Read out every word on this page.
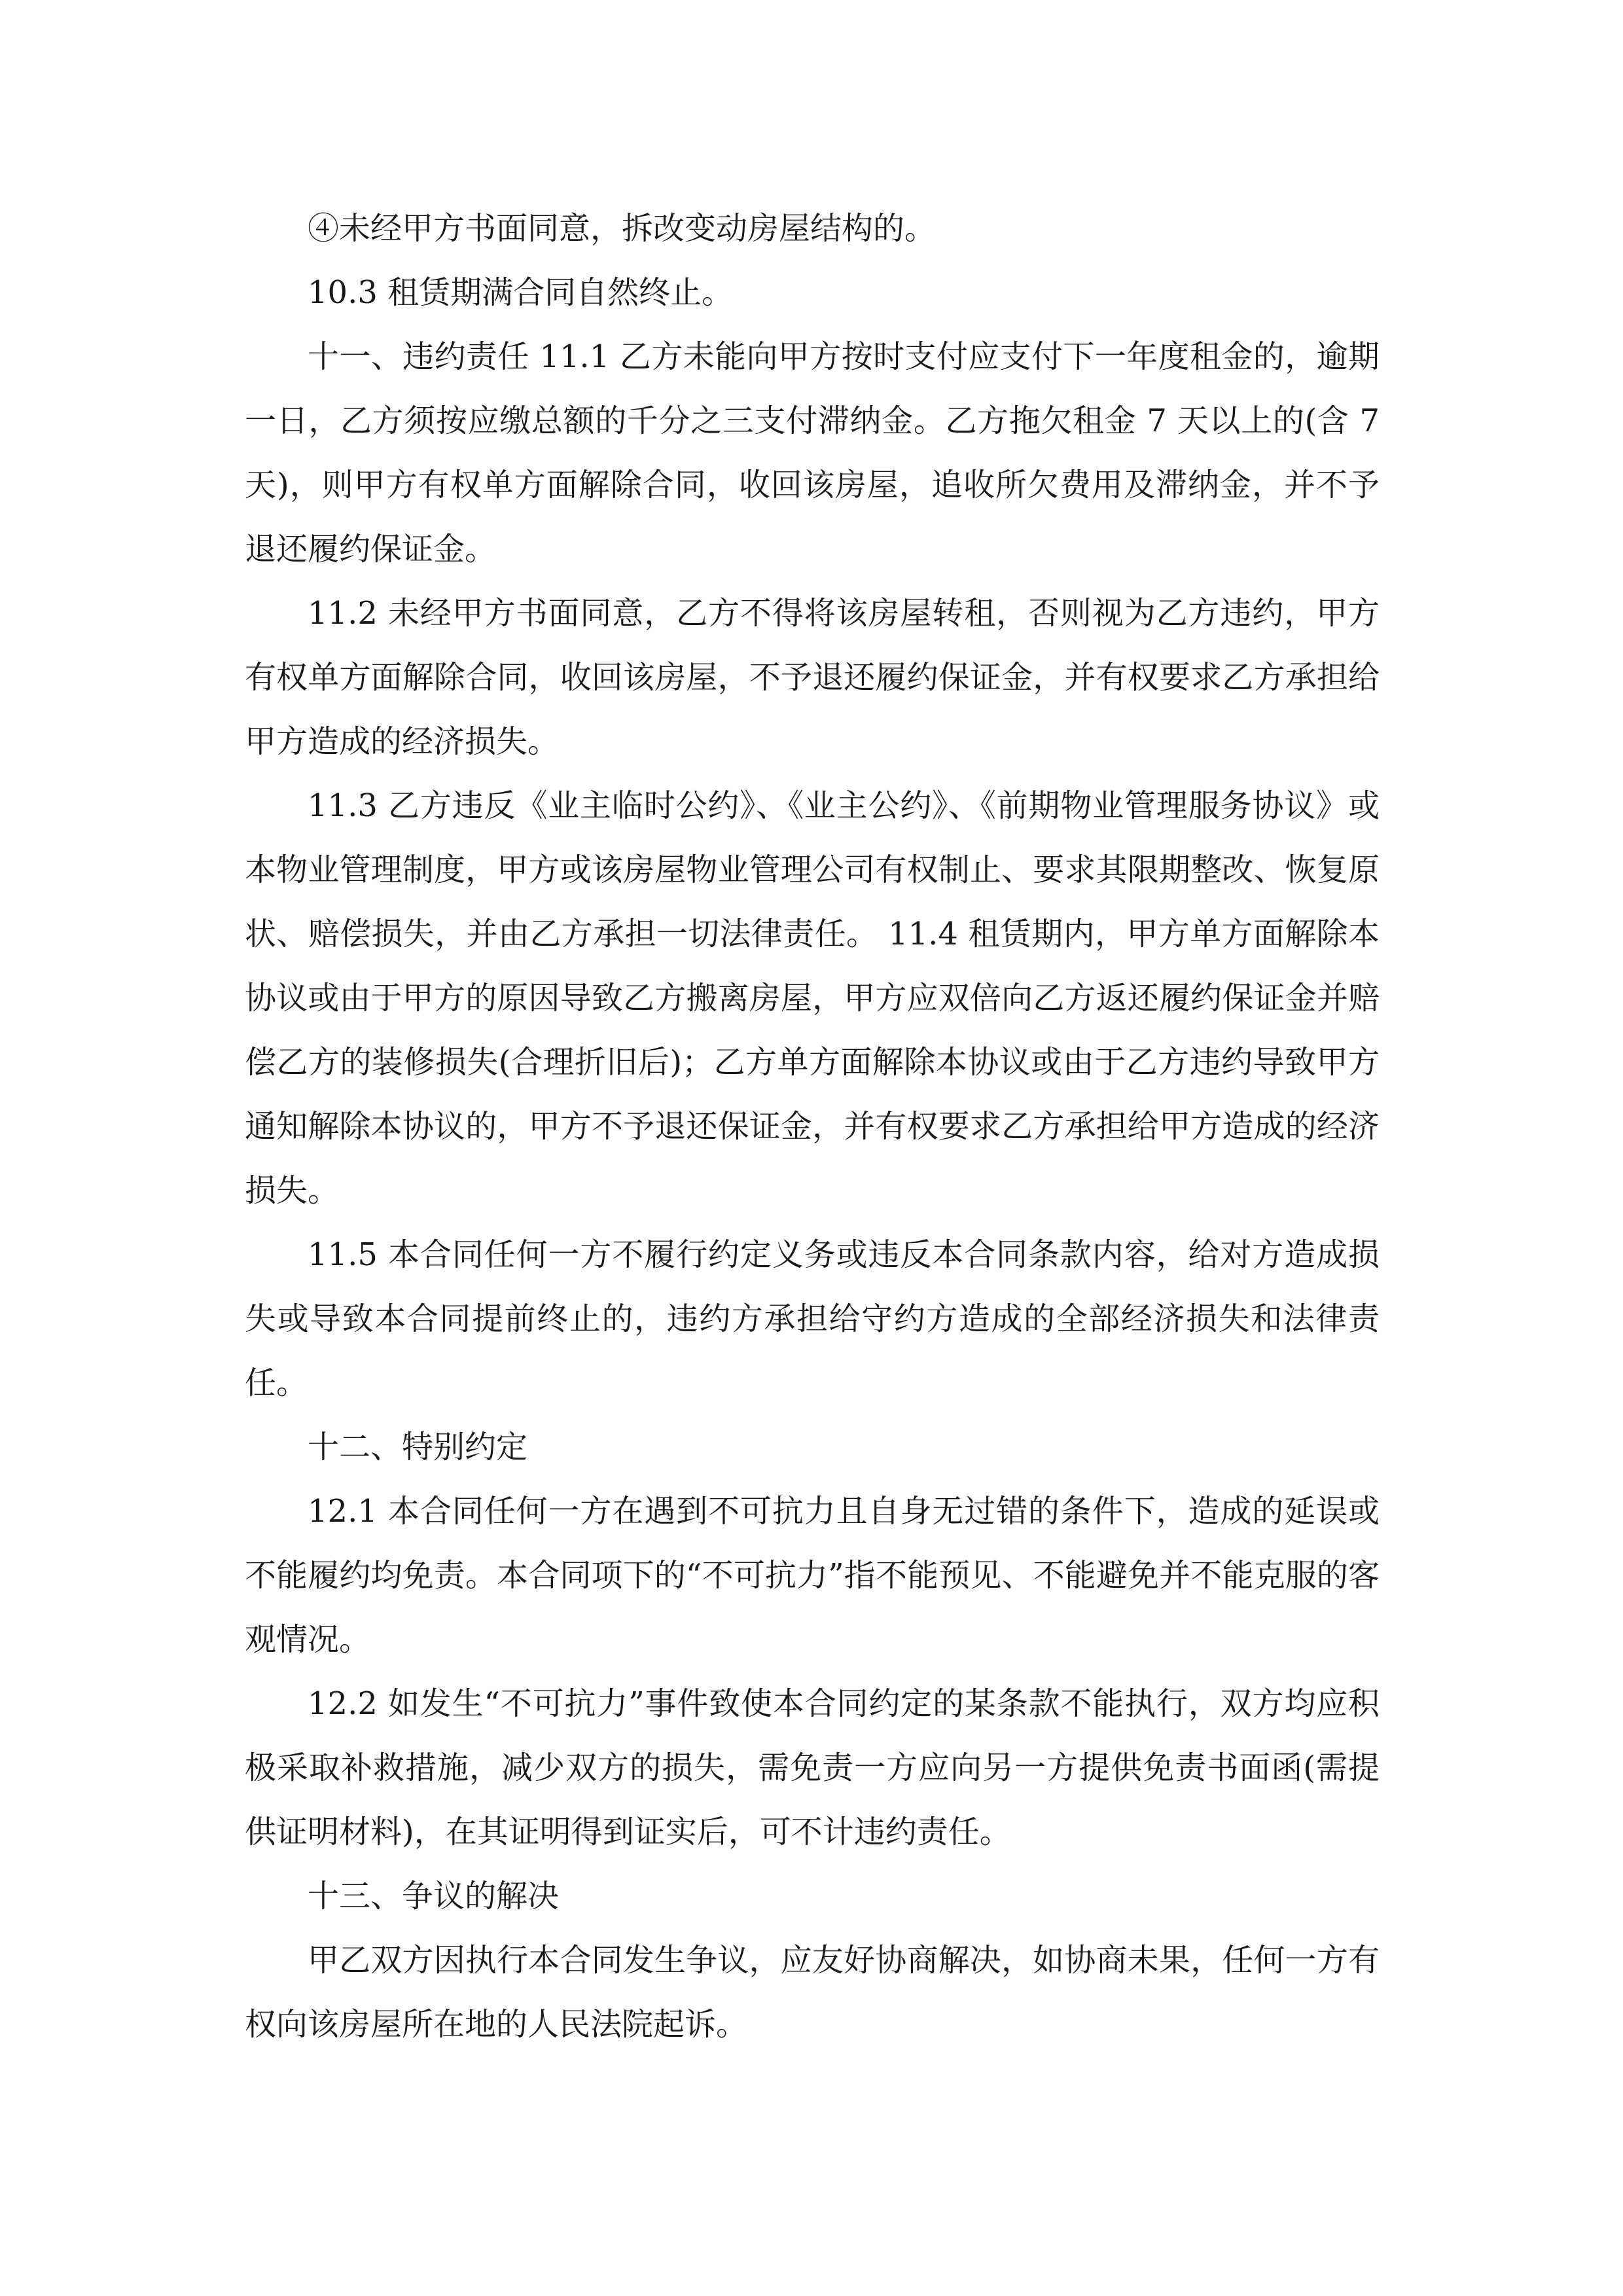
④未经甲方书面同意，拆改变动房屋结构的。

10.3 租赁期满合同自然终止。

十一、违约责任 11.1 乙方未能向甲方按时支付应支付下一年度租金的，逾期一日，乙方须按应缴总额的千分之三支付滞纳金。乙方拖欠租金 7 天以上的(含 7 天)，则甲方有权单方面解除合同，收回该房屋，追收所欠费用及滞纳金，并不予退还履约保证金。

11.2 未经甲方书面同意，乙方不得将该房屋转租，否则视为乙方违约，甲方有权单方面解除合同，收回该房屋，不予退还履约保证金，并有权要求乙方承担给甲方造成的经济损失。

11.3 乙方违反《业主临时公约》、《业主公约》、《前期物业管理服务协议》或本物业管理制度，甲方或该房屋物业管理公司有权制止、要求其限期整改、恢复原状、赔偿损失，并由乙方承担一切法律责任。 11.4 租赁期内，甲方单方面解除本协议或由于甲方的原因导致乙方搬离房屋，甲方应双倍向乙方返还履约保证金并赔偿乙方的装修损失(合理折旧后)；乙方单方面解除本协议或由于乙方违约导致甲方通知解除本协议的，甲方不予退还保证金，并有权要求乙方承担给甲方造成的经济损失。

11.5 本合同任何一方不履行约定义务或违反本合同条款内容，给对方造成损失或导致本合同提前终止的，违约方承担给守约方造成的全部经济损失和法律责任。

十二、特别约定

12.1 本合同任何一方在遇到不可抗力且自身无过错的条件下，造成的延误或不能履约均免责。本合同项下的“不可抗力”指不能预见、不能避免并不能克服的客观情况。

12.2 如发生“不可抗力”事件致使本合同约定的某条款不能执行，双方均应积极采取补救措施，减少双方的损失，需免责一方应向另一方提供免责书面函(需提供证明材料)，在其证明得到证实后，可不计违约责任。

十三、争议的解决

甲乙双方因执行本合同发生争议，应友好协商解决，如协商未果，任何一方有权向该房屋所在地的人民法院起诉。
